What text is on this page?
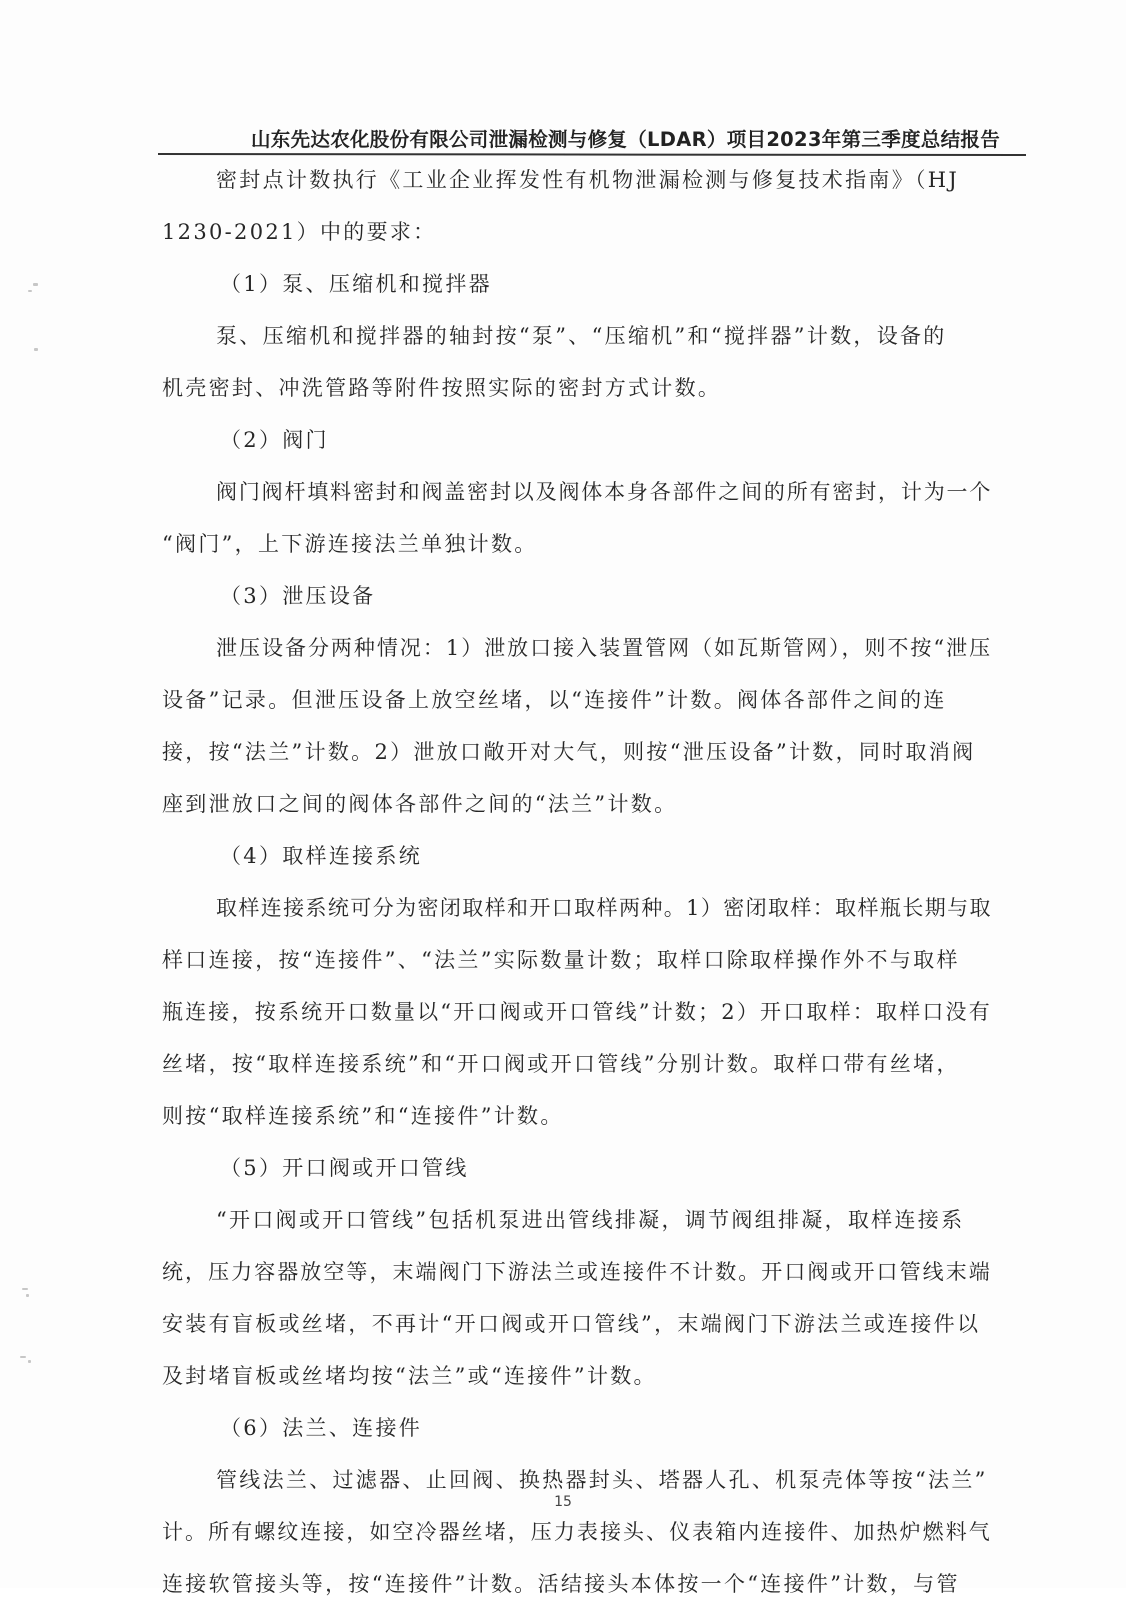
山东先达农化股份有限公司泄漏检测与修复（LDAR）项目2023年第三季度总结报告
密封点计数执行《工业企业挥发性有机物泄漏检测与修复技术指南》（HJ
1230-2021）中的要求：
（1）泵、压缩机和搅拌器
泵、压缩机和搅拌器的轴封按“泵”、“压缩机”和“搅拌器”计数，设备的
机壳密封、冲洗管路等附件按照实际的密封方式计数。
（2）阀门
阀门阀杆填料密封和阀盖密封以及阀体本身各部件之间的所有密封，计为一个
“阀门”，上下游连接法兰单独计数。
（3）泄压设备
泄压设备分两种情况：1）泄放口接入装置管网（如瓦斯管网），则不按“泄压
设备”记录。但泄压设备上放空丝堵，以“连接件”计数。阀体各部件之间的连
接，按“法兰”计数。2）泄放口敞开对大气，则按“泄压设备”计数，同时取消阀
座到泄放口之间的阀体各部件之间的“法兰”计数。
（4）取样连接系统
取样连接系统可分为密闭取样和开口取样两种。1）密闭取样：取样瓶长期与取
样口连接，按“连接件”、“法兰”实际数量计数；取样口除取样操作外不与取样
瓶连接，按系统开口数量以“开口阀或开口管线”计数；2）开口取样：取样口没有
丝堵，按“取样连接系统”和“开口阀或开口管线”分别计数。取样口带有丝堵，
则按“取样连接系统”和“连接件”计数。
（5）开口阀或开口管线
“开口阀或开口管线”包括机泵进出管线排凝，调节阀组排凝，取样连接系
统，压力容器放空等，末端阀门下游法兰或连接件不计数。开口阀或开口管线末端
安装有盲板或丝堵，不再计“开口阀或开口管线”，末端阀门下游法兰或连接件以
及封堵盲板或丝堵均按“法兰”或“连接件”计数。
（6）法兰、连接件
管线法兰、过滤器、止回阀、换热器封头、塔器人孔、机泵壳体等按“法兰”
计。所有螺纹连接，如空冷器丝堵，压力表接头、仪表箱内连接件、加热炉燃料气
连接软管接头等，按“连接件”计数。活结接头本体按一个“连接件”计数，与管
15
